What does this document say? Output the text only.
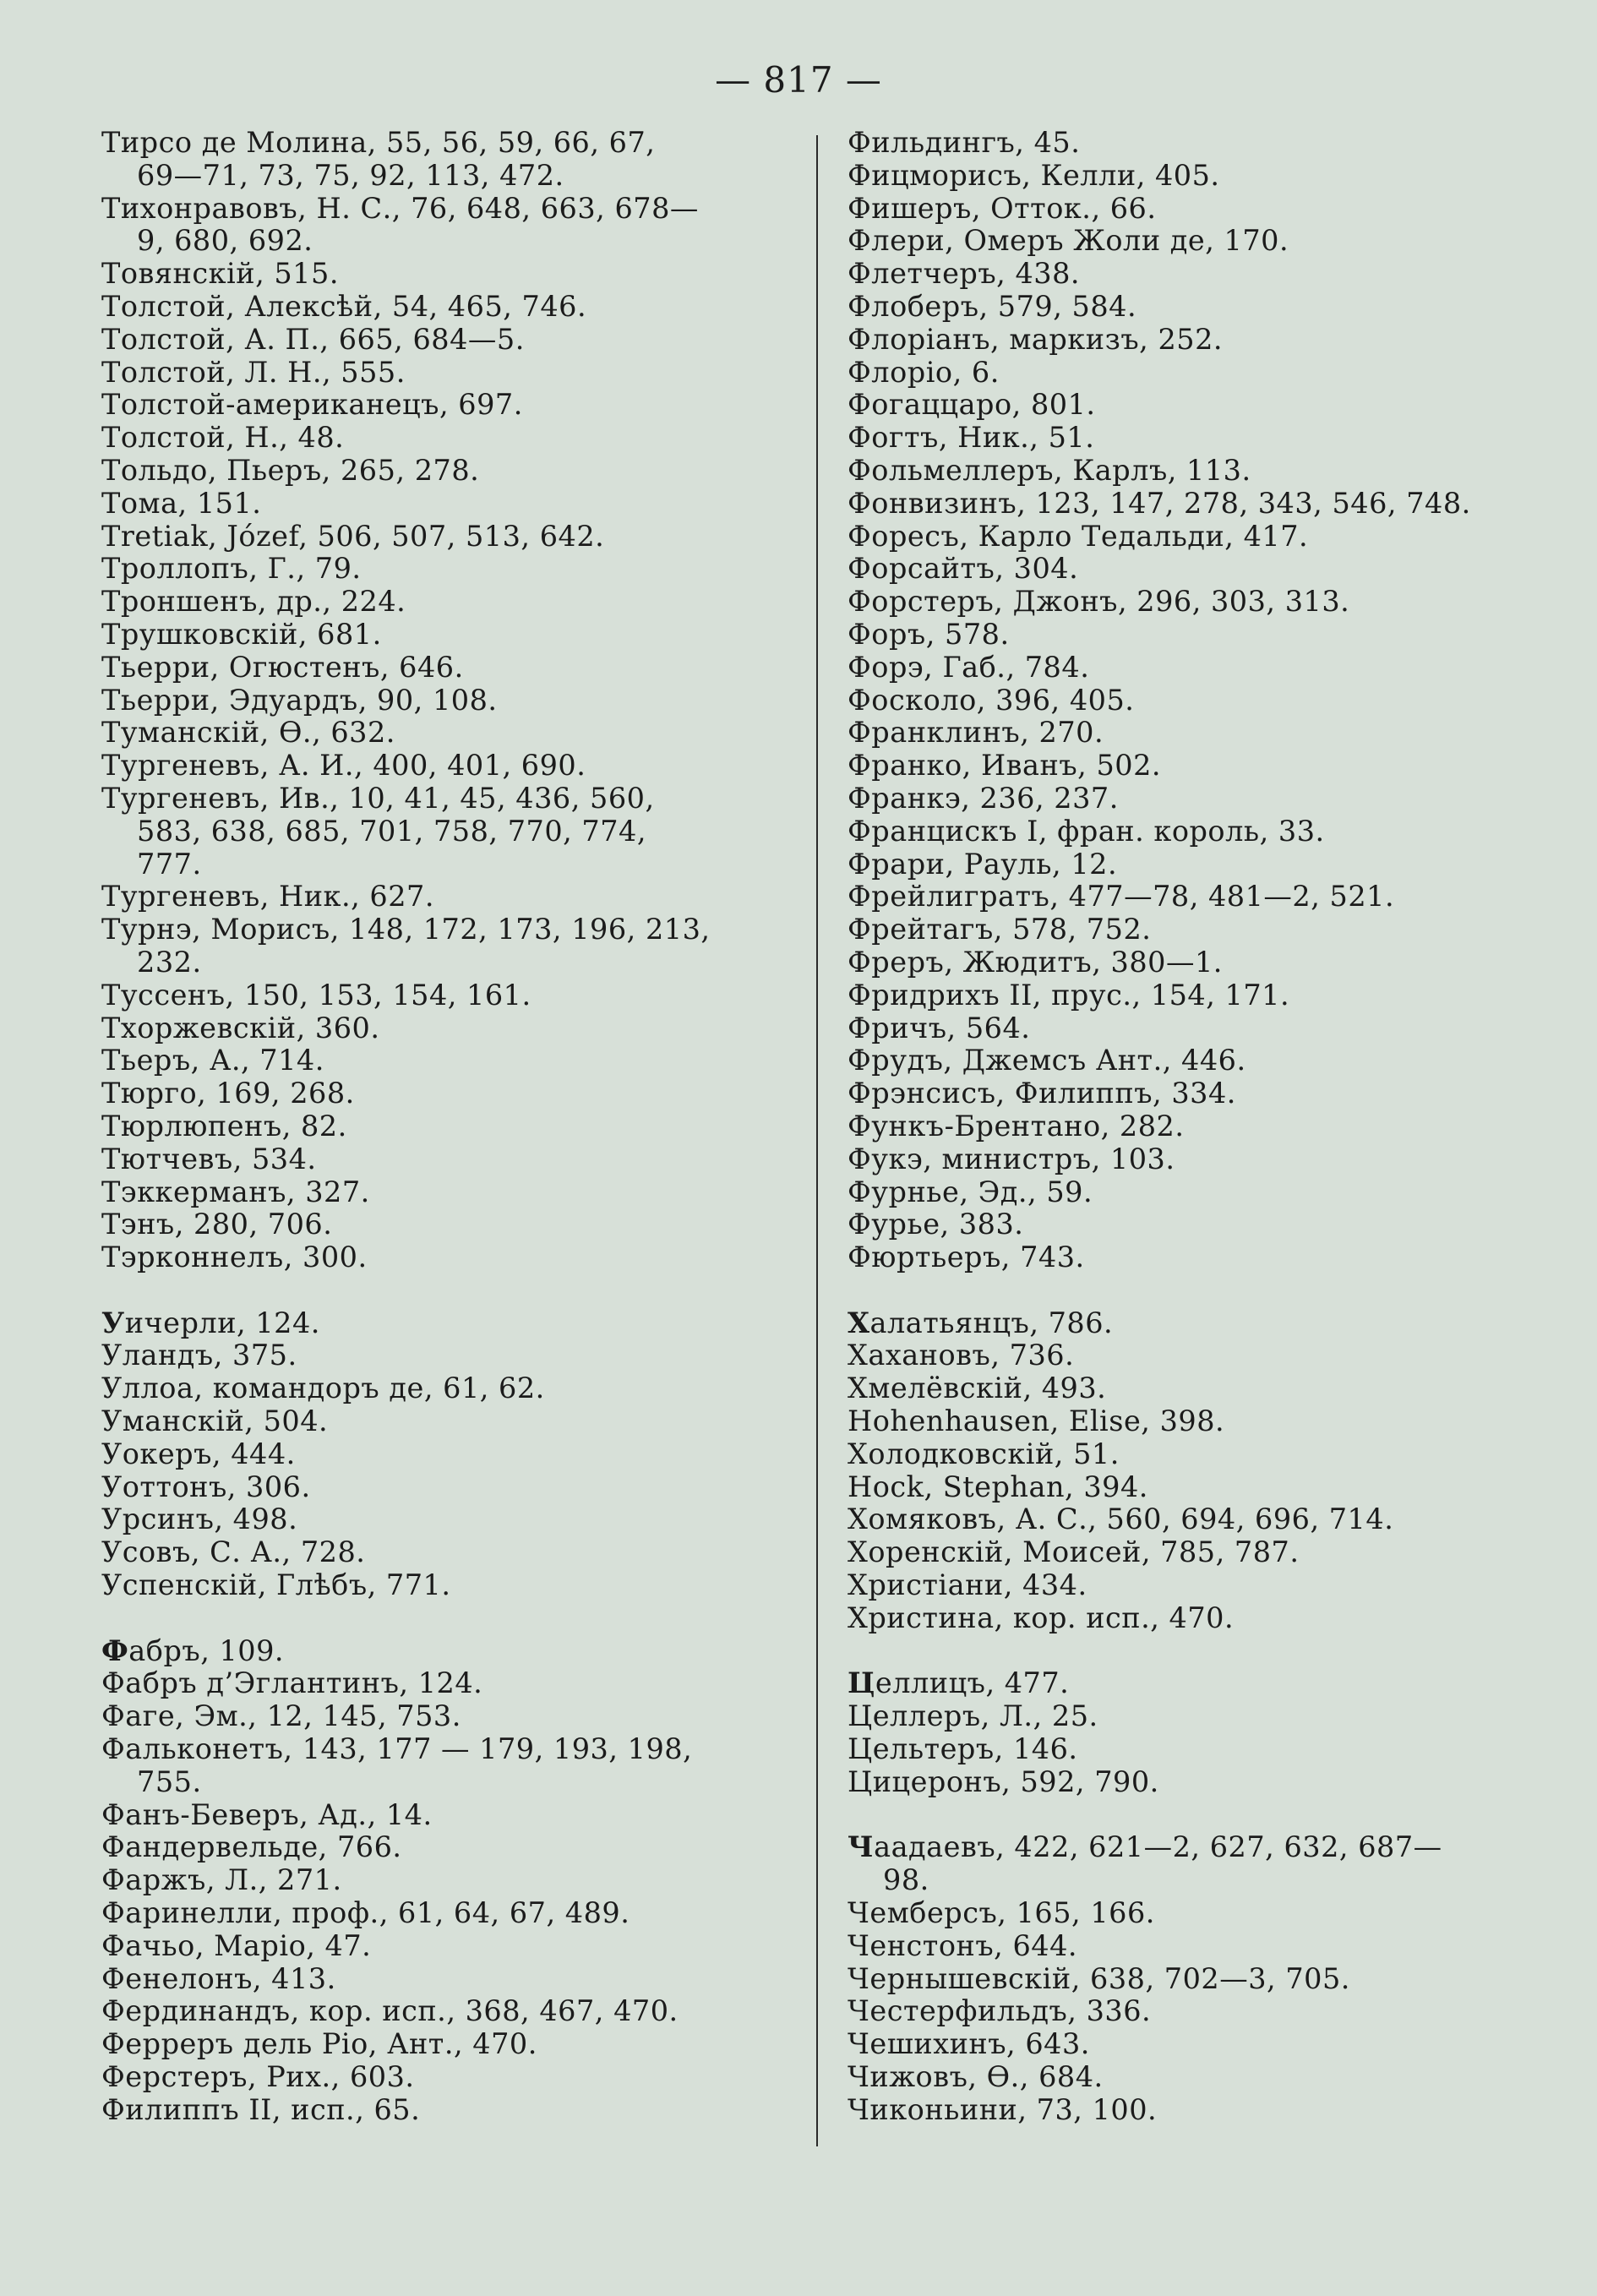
— 817 —
Тирсо де Молина, 55, 56, 59, 66, 67,
69—71, 73, 75, 92, 113, 472.
Тихонравовъ, Н. С., 76, 648, 663, 678—
9, 680, 692.
Товянскій, 515.
Толстой, Алексѣй, 54, 465, 746.
Толстой, А. П., 665, 684—5.
Толстой, Л. Н., 555.
Толстой-американецъ, 697.
Толстой, Н., 48.
Тольдо, Пьеръ, 265, 278.
Тома, 151.
Tretiak, Józef, 506, 507, 513, 642.
Троллопъ, Г., 79.
Троншенъ, др., 224.
Трушковскій, 681.
Тьерри, Огюстенъ, 646.
Тьерри, Эдуардъ, 90, 108.
Туманскій, Ѳ., 632.
Тургеневъ, А. И., 400, 401, 690.
Тургеневъ, Ив., 10, 41, 45, 436, 560,
583, 638, 685, 701, 758, 770, 774,
777.
Тургеневъ, Ник., 627.
Турнэ, Морисъ, 148, 172, 173, 196, 213,
232.
Туссенъ, 150, 153, 154, 161.
Тхоржевскій, 360.
Тьеръ, А., 714.
Тюрго, 169, 268.
Тюрлюпенъ, 82.
Тютчевъ, 534.
Тэккерманъ, 327.
Тэнъ, 280, 706.
Тэрконнелъ, 300.
Уичерли, 124.
Уландъ, 375.
Уллоа, командоръ де, 61, 62.
Уманскій, 504.
Уокеръ, 444.
Уоттонъ, 306.
Урсинъ, 498.
Усовъ, С. А., 728.
Успенскій, Глѣбъ, 771.
Фабръ, 109.
Фабръ д’Эглантинъ, 124.
Фаге, Эм., 12, 145, 753.
Фальконетъ, 143, 177 — 179, 193, 198,
755.
Фанъ-Беверъ, Ад., 14.
Фандервельде, 766.
Фаржъ, Л., 271.
Фаринелли, проф., 61, 64, 67, 489.
Фачьо, Маріо, 47.
Фенелонъ, 413.
Фердинандъ, кор. исп., 368, 467, 470.
Ферреръ дель Ріо, Ант., 470.
Ферстеръ, Рих., 603.
Филиппъ II, исп., 65.
Фильдингъ, 45.
Фицморисъ, Келли, 405.
Фишеръ, Отток., 66.
Флери, Омеръ Жоли де, 170.
Флетчеръ, 438.
Флоберъ, 579, 584.
Флоріанъ, маркизъ, 252.
Флоріо, 6.
Фогаццаро, 801.
Фогтъ, Ник., 51.
Фольмеллеръ, Карлъ, 113.
Фонвизинъ, 123, 147, 278, 343, 546, 748.
Форесъ, Карло Тедальди, 417.
Форсайтъ, 304.
Форстеръ, Джонъ, 296, 303, 313.
Форъ, 578.
Форэ, Габ., 784.
Фосколо, 396, 405.
Франклинъ, 270.
Франко, Иванъ, 502.
Франкэ, 236, 237.
Францискъ I, фран. король, 33.
Фрари, Рауль, 12.
Фрейлигратъ, 477—78, 481—2, 521.
Фрейтагъ, 578, 752.
Фреръ, Жюдитъ, 380—1.
Фридрихъ II, прус., 154, 171.
Фричъ, 564.
Фрудъ, Джемсъ Ант., 446.
Фрэнсисъ, Филиппъ, 334.
Функъ-Брентано, 282.
Фукэ, министръ, 103.
Фурнье, Эд., 59.
Фурье, 383.
Фюртьеръ, 743.
Халатьянцъ, 786.
Хахановъ, 736.
Хмелёвскій, 493.
Hohenhausen, Elise, 398.
Холодковскій, 51.
Hock, Stephan, 394.
Хомяковъ, А. С., 560, 694, 696, 714.
Хоренскій, Моисей, 785, 787.
Христіани, 434.
Христина, кор. исп., 470.
Целлицъ, 477.
Целлеръ, Л., 25.
Цельтеръ, 146.
Цицеронъ, 592, 790.
Чаадаевъ, 422, 621—2, 627, 632, 687—
98.
Чемберсъ, 165, 166.
Ченстонъ, 644.
Чернышевскій, 638, 702—3, 705.
Честерфильдъ, 336.
Чешихинъ, 643.
Чижовъ, Ѳ., 684.
Чиконьини, 73, 100.
